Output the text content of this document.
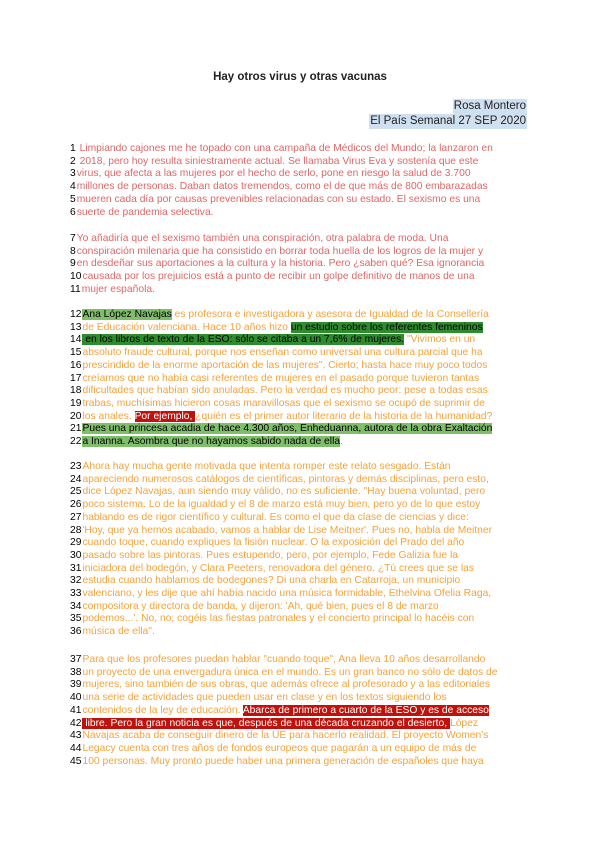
Hay otros virus y otras vacunas
Rosa Montero
El País Semanal 27 SEP 2020
1 Limpiando cajones me he topado con una campaña de Médicos del Mundo; la lanzaron en
2 2018, pero hoy resulta siniestramente actual. Se llamaba Virus Eva y sostenía que este
3virus, que afecta a las mujeres por el hecho de serlo, pone en riesgo la salud de 3.700
4millones de personas. Daban datos tremendos, como el de que más de 800 embarazadas
5mueren cada día por causas prevenibles relacionadas con su estado. El sexismo es una
6suerte de pandemia selectiva.
7Yo añadiría que el sexismo también una conspiración, otra palabra de moda. Una
8conspiración milenaria que ha consistido en borrar toda huella de los logros de la mujer y
9en desdeñar sus aportaciones a la cultura y la historia. Pero ¿saben qué? Esa ignorancia
10causada por los prejuicios está a punto de recibir un golpe definitivo de manos de una
11mujer española.
12Ana López Navajas es profesora e investigadora y asesora de Igualdad de la Consellería
13de Educación valenciana. Hace 10 años hizo un estudio sobre los referentes femeninos
14 en los libros de texto de la ESO: sólo se citaba a un 7,6% de mujeres. "Vivimos en un
15absoluto fraude cultural, porque nos enseñan como universal una cultura parcial que ha
16prescindido de la enorme aportación de las mujeres". Cierto; hasta hace muy poco todos
17creíamos que no había casi referentes de mujeres en el pasado porque tuvieron tantas
18dificultades que habían sido anuladas. Pero la verdad es mucho peor: pese a todas esas
19trabas, muchísimas hicieron cosas maravillosas que el sexismo se ocupó de suprimir de
20los anales. Por ejemplo, ¿quién es el primer autor literario de la historia de la humanidad?
21Pues una princesa acadia de hace 4.300 años, Enheduanna, autora de la obra Exaltación
22a Inanna. Asombra que no hayamos sabido nada de ella.
23Ahora hay mucha gente motivada que intenta romper este relato sesgado. Están
24apareciendo numerosos catálogos de científicas, pintoras y demás disciplinas, pero esto,
25dice López Navajas, aun siendo muy válido, no es suficiente. "Hay buena voluntad, pero
26poco sistema. Lo de la igualdad y el 8 de marzo está muy bien, pero yo de lo que estoy
27hablando es de rigor científico y cultural. Es como el que da clase de ciencias y dice:
28'Hoy, que ya hemos acabado, vamos a hablar de Lise Meitner'. Pues no, habla de Meitner
29cuando toque, cuando expliques la fisión nuclear. O la exposición del Prado del año
30pasado sobre las pintoras. Pues estupendo, pero, por ejemplo, Fede Galizia fue la
31iniciadora del bodegón, y Clara Peeters, renovadora del género. ¿Tú crees que se las
32estudia cuando hablamos de bodegones? Di una charla en Catarroja, un municipio
33valenciano, y les dije que ahí había nacido una música formidable, Ethelvina Ofelia Raga,
34compositora y directora de banda, y dijeron: 'Ah, qué bien, pues el 8 de marzo
35podemos...'. No, no; cogéis las fiestas patronales y el concierto principal lo hacéis con
36música de ella".
37Para que los profesores puedan hablar "cuando toque", Ana lleva 10 años desarrollando
38un proyecto de una envergadura única en el mundo. Es un gran banco no sólo de datos de
39mujeres, sino también de sus obras, que además ofrece al profesorado y a las editoriales
40una serie de actividades que pueden usar en clase y en los textos siguiendo los
41contenidos de la ley de educación. Abarca de primero a cuarto de la ESO y es de acceso
42 libre. Pero la gran noticia es que, después de una década cruzando el desierto, López
43Navajas acaba de conseguir dinero de la UE para hacerlo realidad. El proyecto Women's
44Legacy cuenta con tres años de fondos europeos que pagarán a un equipo de más de
45100 personas. Muy pronto puede haber una primera generación de españoles que haya
